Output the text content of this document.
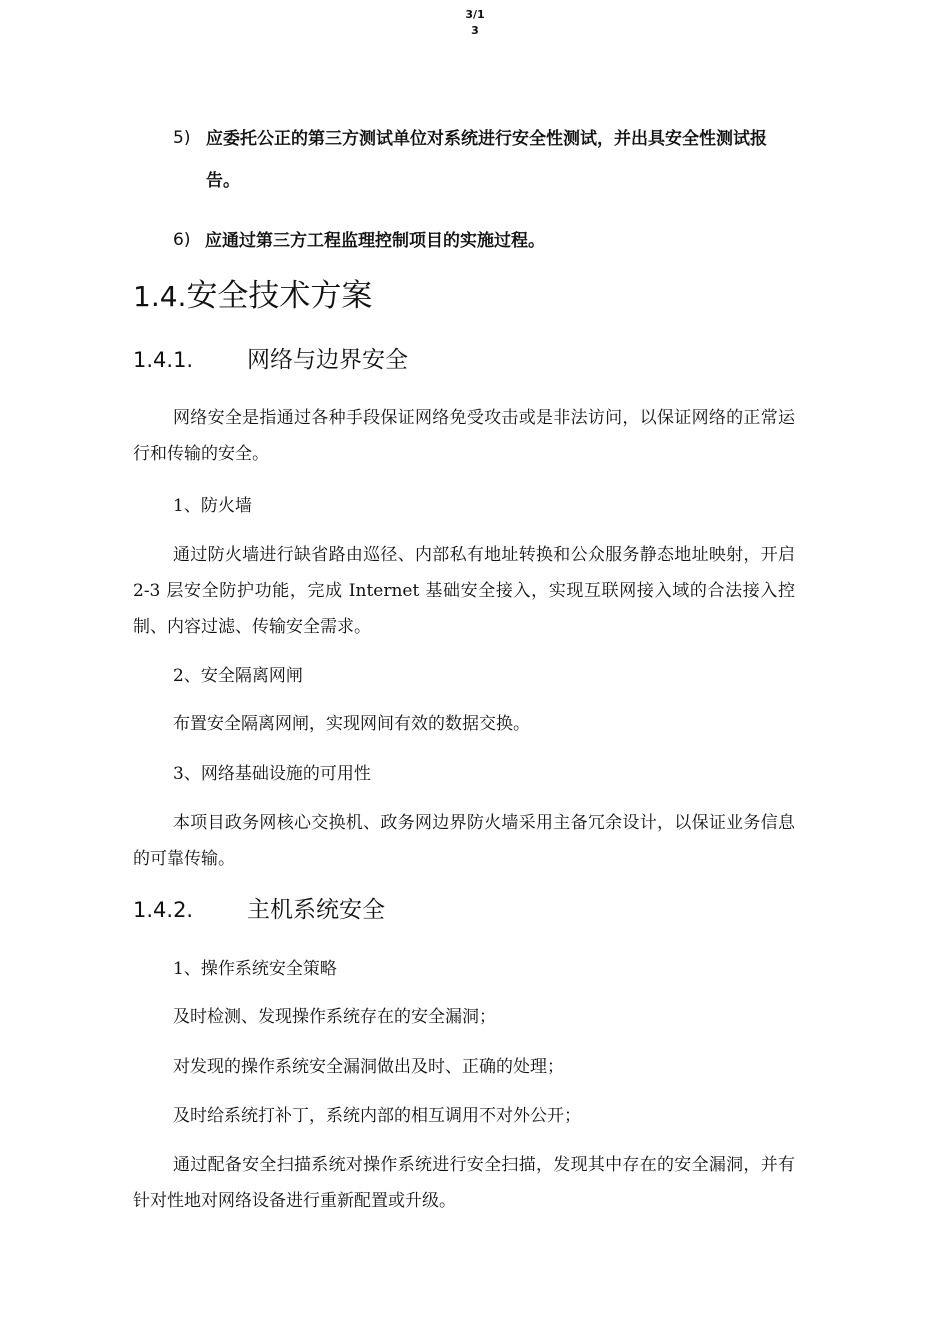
3/1
3
5) 应委托公正的第三方测试单位对系统进行安全性测试，并出具安全性测试报告。
6) 应通过第三方工程监理控制项目的实施过程。
1.4.安全技术方案
1.4.1. 网络与边界安全

网络安全是指通过各种手段保证网络免受攻击或是非法访问，以保证网络的正常运行和传输的安全。

1、防火墙

通过防火墙进行缺省路由巡径、内部私有地址转换和公众服务静态地址映射，开启 2-3 层安全防护功能，完成 Internet 基础安全接入，实现互联网接入域的合法接入控制、内容过滤、传输安全需求。

2、安全隔离网闸

布置安全隔离网闸，实现网间有效的数据交换。

3、网络基础设施的可用性

本项目政务网核心交换机、政务网边界防火墙采用主备冗余设计，以保证业务信息的可靠传输。

1.4.2. 主机系统安全

1、操作系统安全策略

及时检测、发现操作系统存在的安全漏洞；

对发现的操作系统安全漏洞做出及时、正确的处理；

及时给系统打补丁，系统内部的相互调用不对外公开；

通过配备安全扫描系统对操作系统进行安全扫描，发现其中存在的安全漏洞，并有针对性地对网络设备进行重新配置或升级。
